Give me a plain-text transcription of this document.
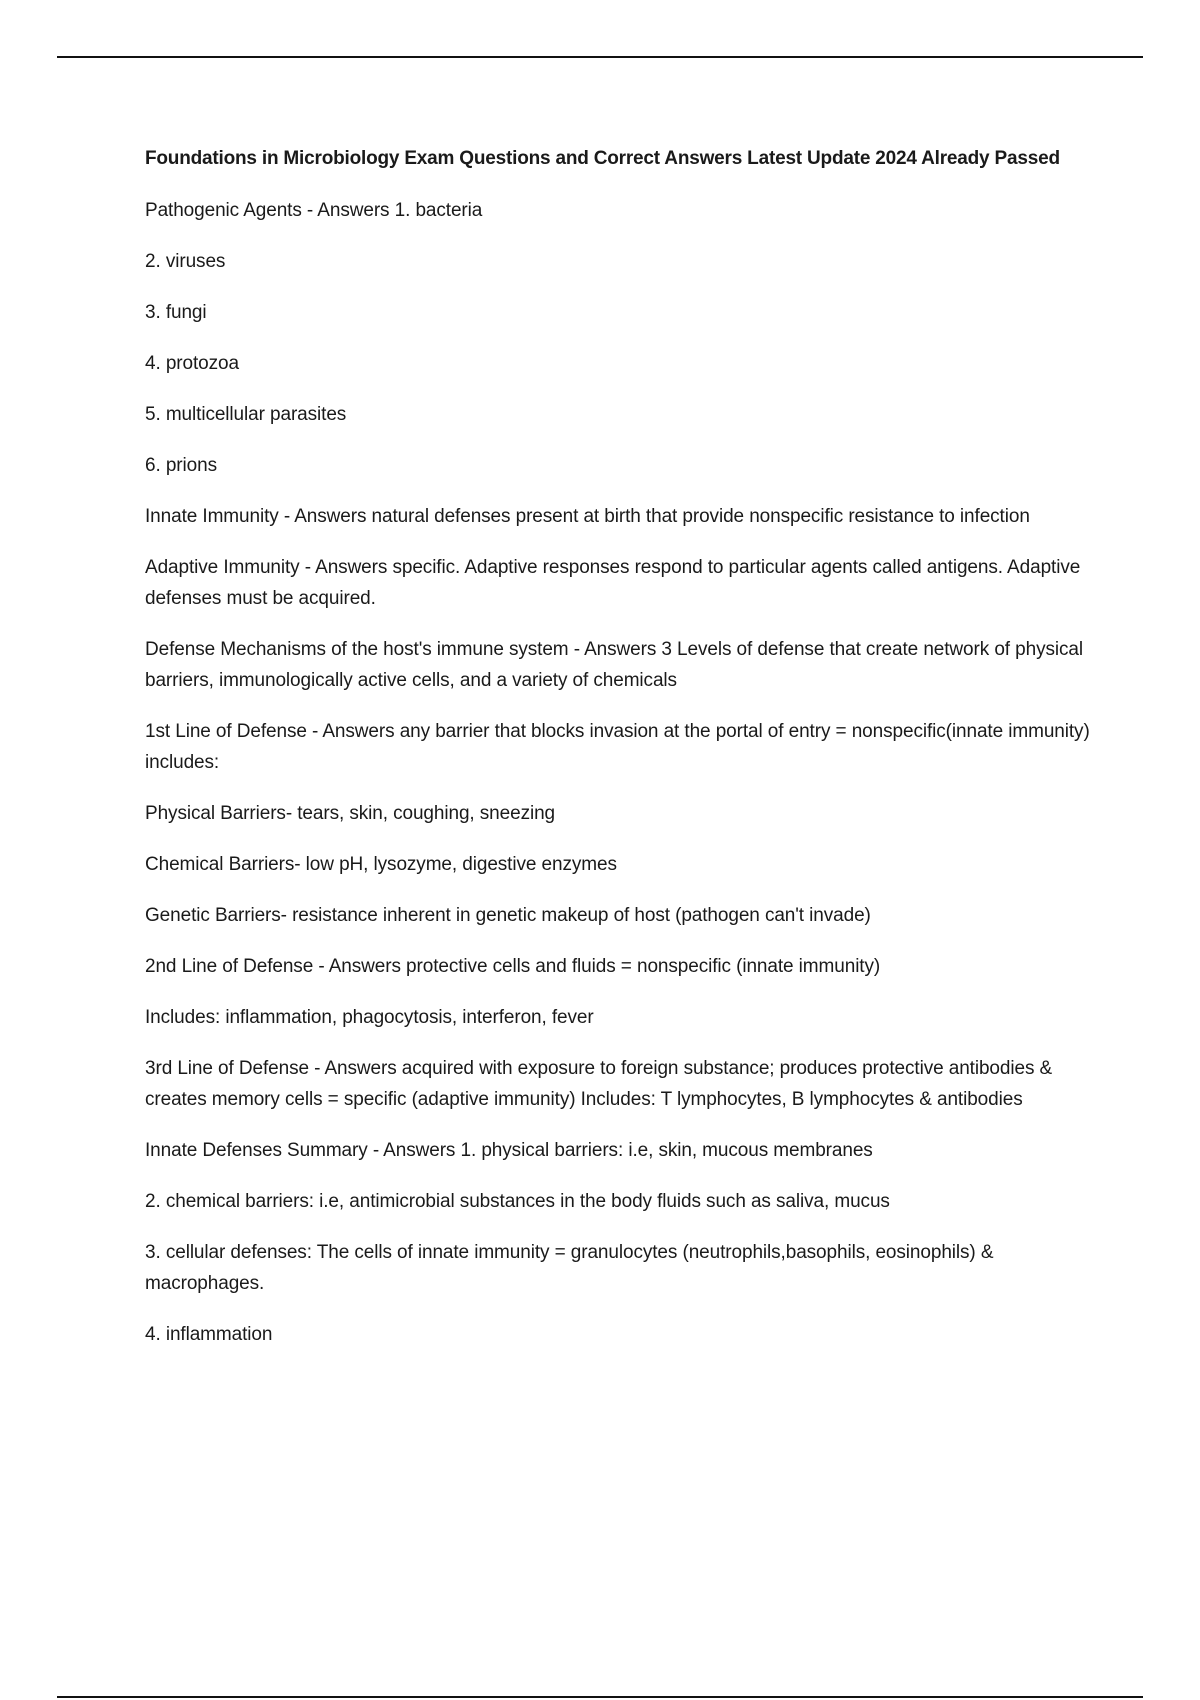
Foundations in Microbiology Exam Questions and Correct Answers Latest Update 2024 Already Passed

Pathogenic Agents - Answers 1. bacteria

2. viruses

3. fungi

4. protozoa

5. multicellular parasites

6. prions

Innate Immunity - Answers natural defenses present at birth that provide nonspecific resistance to infection

Adaptive Immunity - Answers specific. Adaptive responses respond to particular agents called antigens. Adaptive defenses must be acquired.

Defense Mechanisms of the host's immune system - Answers 3 Levels of defense that create network of physical barriers, immunologically active cells, and a variety of chemicals

1st Line of Defense - Answers any barrier that blocks invasion at the portal of entry = nonspecific(innate immunity) includes:

Physical Barriers- tears, skin, coughing, sneezing

Chemical Barriers- low pH, lysozyme, digestive enzymes

Genetic Barriers- resistance inherent in genetic makeup of host (pathogen can't invade)

2nd Line of Defense - Answers protective cells and fluids = nonspecific (innate immunity)

Includes: inflammation, phagocytosis, interferon, fever

3rd Line of Defense - Answers acquired with exposure to foreign substance; produces protective antibodies & creates memory cells = specific (adaptive immunity) Includes: T lymphocytes, B lymphocytes & antibodies

Innate Defenses Summary - Answers 1. physical barriers: i.e, skin, mucous membranes

2. chemical barriers: i.e, antimicrobial substances in the body fluids such as saliva, mucus

3. cellular defenses: The cells of innate immunity = granulocytes (neutrophils,basophils, eosinophils) & macrophages.

4. inflammation
